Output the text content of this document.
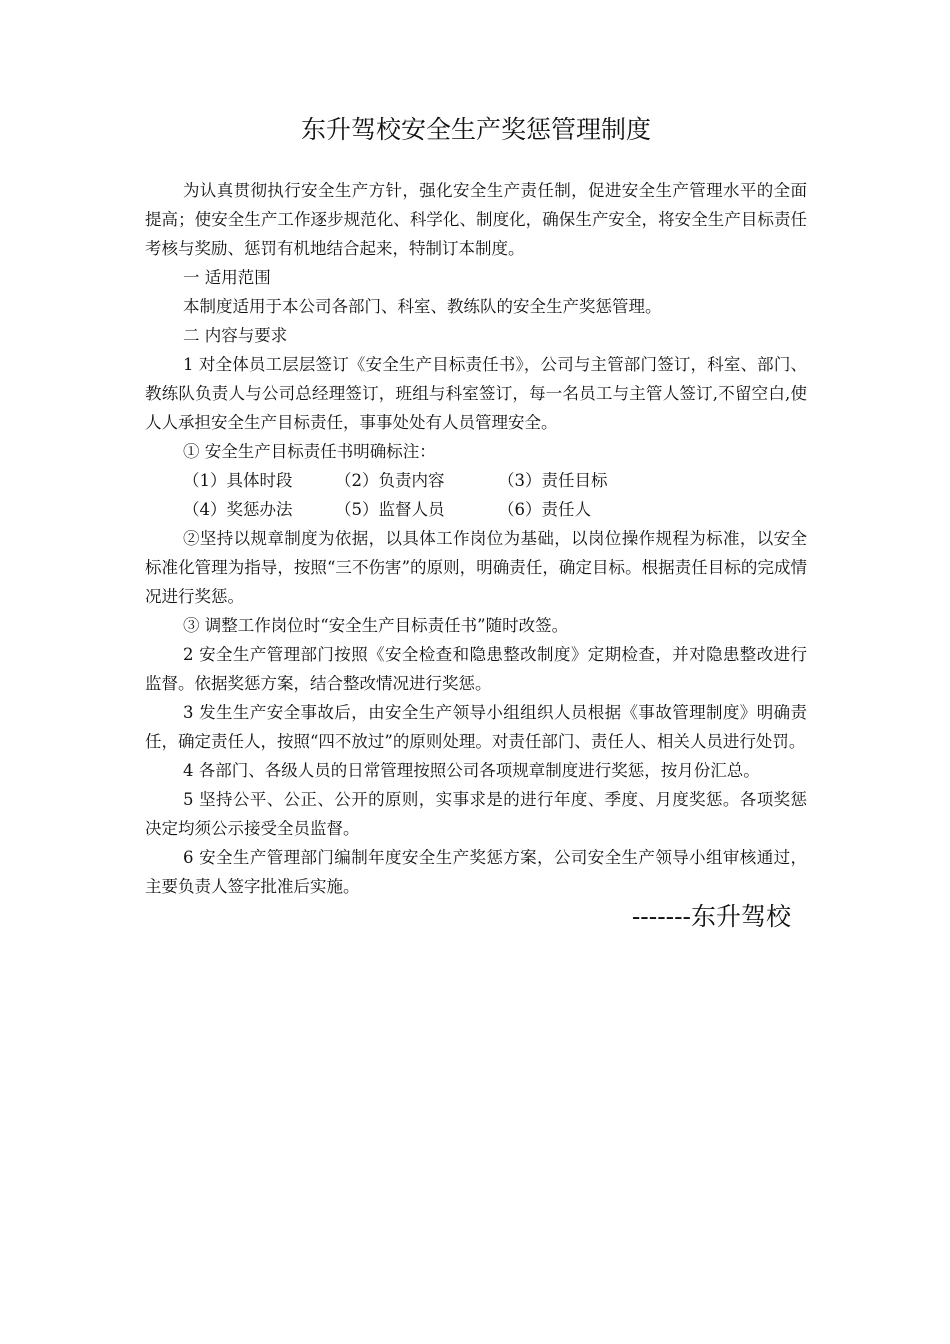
东升驾校安全生产奖惩管理制度

为认真贯彻执行安全生产方针，强化安全生产责任制，促进安全生产管理水平的全面提高；使安全生产工作逐步规范化、科学化、制度化，确保生产安全，将安全生产目标责任考核与奖励、惩罚有机地结合起来，特制订本制度。

一 适用范围

本制度适用于本公司各部门、科室、教练队的安全生产奖惩管理。

二 内容与要求

1 对全体员工层层签订《安全生产目标责任书》，公司与主管部门签订，科室、部门、教练队负责人与公司总经理签订，班组与科室签订，每一名员工与主管人签订,不留空白,使人人承担安全生产目标责任，事事处处有人员管理安全。

① 安全生产目标责任书明确标注：

（1）具体时段	（2）负责内容	（3）责任目标
（4）奖惩办法	（5）监督人员	（6）责任人

②坚持以规章制度为依据，以具体工作岗位为基础，以岗位操作规程为标准，以安全标准化管理为指导，按照“三不伤害”的原则，明确责任，确定目标。根据责任目标的完成情况进行奖惩。

③ 调整工作岗位时“安全生产目标责任书”随时改签。

2 安全生产管理部门按照《安全检查和隐患整改制度》定期检查，并对隐患整改进行监督。依据奖惩方案，结合整改情况进行奖惩。

3 发生生产安全事故后，由安全生产领导小组组织人员根据《事故管理制度》明确责任，确定责任人，按照“四不放过”的原则处理。对责任部门、责任人、相关人员进行处罚。

4 各部门、各级人员的日常管理按照公司各项规章制度进行奖惩，按月份汇总。

5 坚持公平、公正、公开的原则，实事求是的进行年度、季度、月度奖惩。各项奖惩决定均须公示接受全员监督。

6 安全生产管理部门编制年度安全生产奖惩方案，公司安全生产领导小组审核通过，主要负责人签字批准后实施。

-------东升驾校
